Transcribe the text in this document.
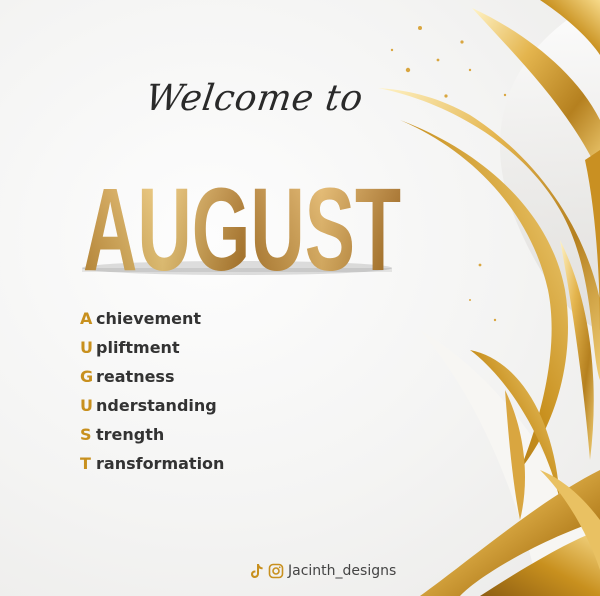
Welcome to

AUGUST
AUGUST
A chievement
U pliftment
G reatness
U nderstanding
S trength
T ransformation
Jacinth_designs
